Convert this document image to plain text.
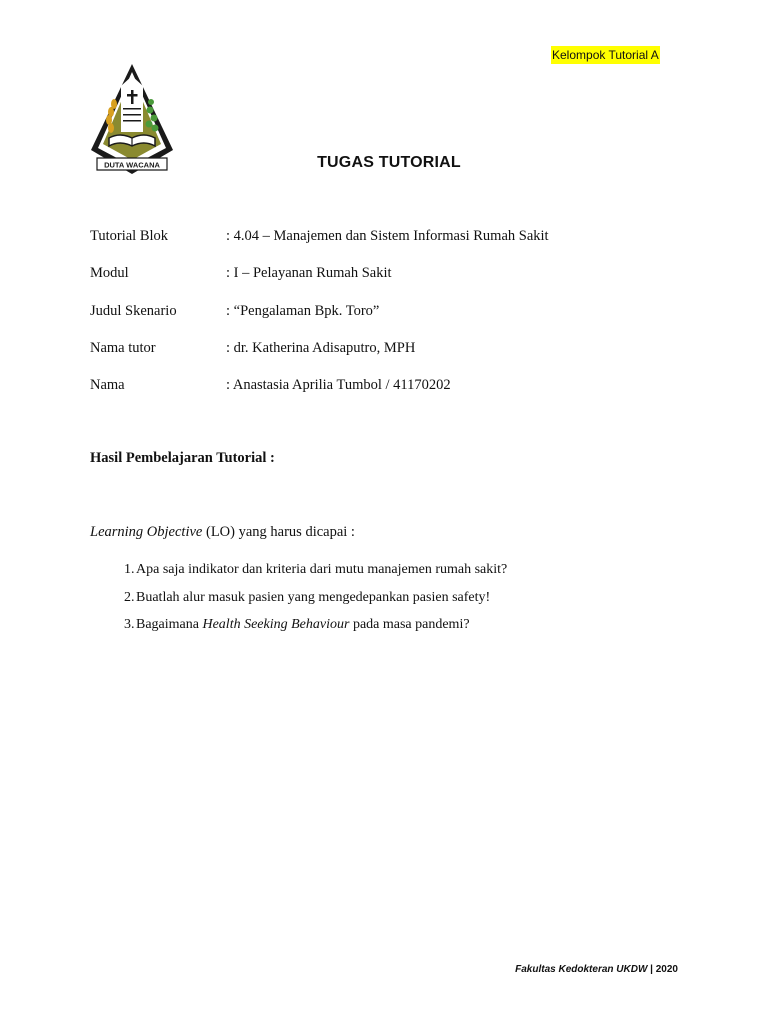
Kelompok Tutorial A
DUTA WACANA	TUGAS TUTORIAL
Tutorial Blok	: 4.04 – Manajemen dan Sistem Informasi Rumah Sakit
Modul	: I – Pelayanan Rumah Sakit
Judul Skenario	: “Pengalaman Bpk. Toro”
Nama tutor	: dr. Katherina Adisaputro, MPH
Nama	: Anastasia Aprilia Tumbol / 41170202
Hasil Pembelajaran Tutorial :
Learning Objective (LO) yang harus dicapai :
1. Apa saja indikator dan kriteria dari mutu manajemen rumah sakit?
2. Buatlah alur masuk pasien yang mengedepankan pasien safety!
3. Bagaimana Health Seeking Behaviour pada masa pandemi?
Fakultas Kedokteran UKDW | 2020
